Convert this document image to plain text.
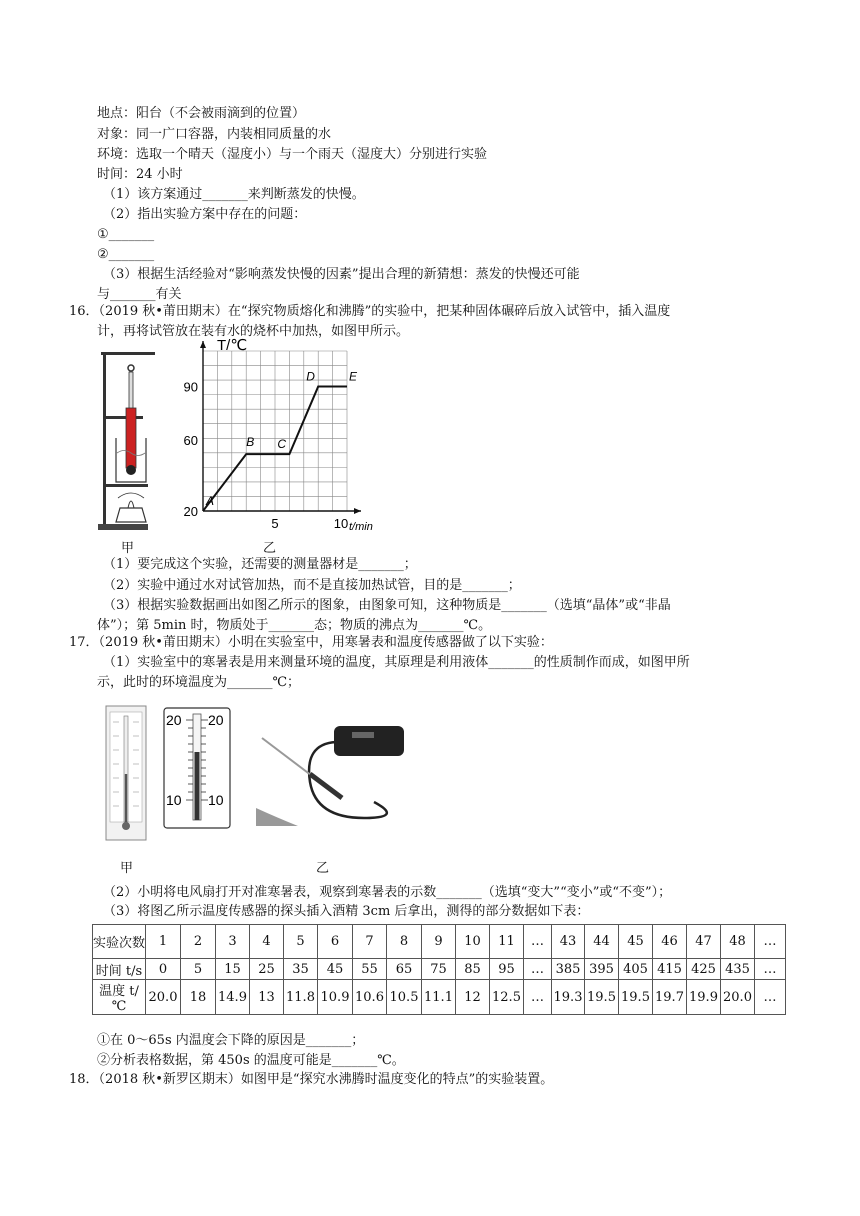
地点：阳台（不会被雨滴到的位置）
对象：同一广口容器，内装相同质量的水
环境：选取一个晴天（湿度小）与一个雨天（湿度大）分别进行实验
时间：24 小时
（1）该方案通过_______来判断蒸发的快慢。
（2）指出实验方案中存在的问题：
①_______
②_______
（3）根据生活经验对“影响蒸发快慢的因素”提出合理的新猜想：蒸发的快慢还可能
与_______有关
16．（2019 秋•莆田期末）在“探究物质熔化和沸腾”的实验中，把某种固体碾碎后放入试管中，插入温度
计，再将试管放在装有水的烧杯中加热，如图甲所示。
甲
20
60
90
5	10
T/℃
t/min
A
B C
D	E
乙
（1）要完成这个实验，还需要的测量器材是_______；
（2）实验中通过水对试管加热，而不是直接加热试管，目的是_______；
（3）根据实验数据画出如图乙所示的图象，由图象可知，这种物质是_______（选填“晶体”或“非晶
体”）；第 5min 时，物质处于_______态；物质的沸点为_______℃。
17．（2019 秋•莆田期末）小明在实验室中，用寒暑表和温度传感器做了以下实验：
（1）实验室中的寒暑表是用来测量环境的温度，其原理是利用液体_______的性质制作而成，如图甲所
示，此时的环境温度为_______℃；
20 20
10 10
甲	乙
（2）小明将电风扇打开对准寒暑表，观察到寒暑表的示数_______（选填“变大”“变小”或“不变”）；
（3）将图乙所示温度传感器的探头插入酒精 3cm 后拿出，测得的部分数据如下表：
实验次数	1	2	3	4	5	6	7	8	9	10	11	…	43	44	45	46	47	48	…
时间 t/s	0	5	15	25	35	45	55	65	75	85	95	…	385	395	405	415	425	435	…
温度 t/℃	20.0	18	14.9	13	11.8	10.9	10.6	10.5	11.1	12	12.5	…	19.3	19.5	19.5	19.7	19.9	20.0	…
①在 0～65s 内温度会下降的原因是_______；
②分析表格数据，第 450s 的温度可能是_______℃。
18．（2018 秋•新罗区期末）如图甲是“探究水沸腾时温度变化的特点”的实验装置。
